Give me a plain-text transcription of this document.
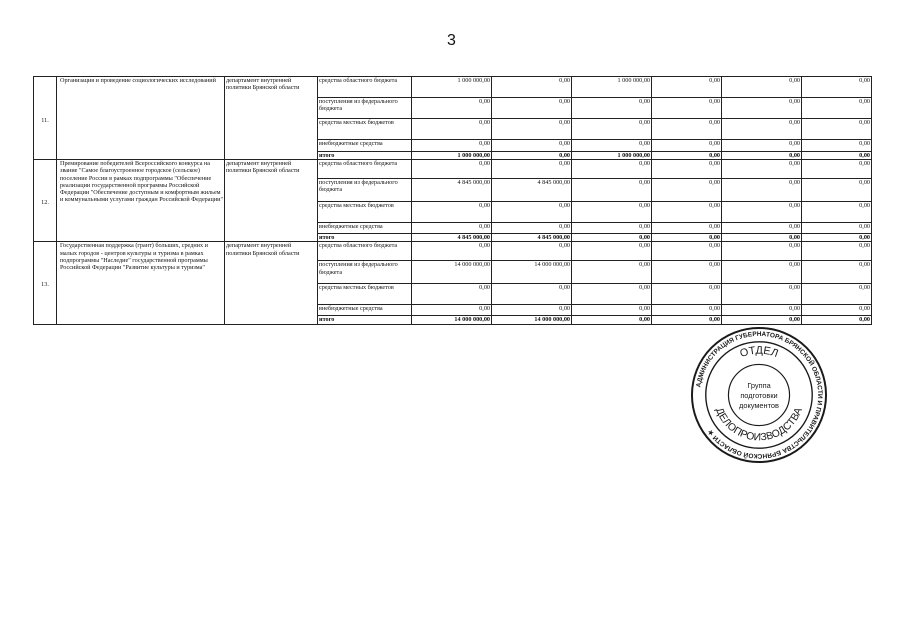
3
11.	Организация и проведение социологических исследований	департамент внутренней политики Брянской области	средства областного бюджета	1 000 000,00	0,00	1 000 000,00	0,00	0,00	0,00
			поступления из федерального бюджета	0,00	0,00	0,00	0,00	0,00	0,00
			средства местных бюджетов	0,00	0,00	0,00	0,00	0,00	0,00
			внебюджетные средства	0,00	0,00	0,00	0,00	0,00	0,00
			итого	1 000 000,00	0,00	1 000 000,00	0,00	0,00	0,00
12.	Премирование победителей Всероссийского конкурса на звание "Самое благоустроенное городское (сельское) поселение России в рамках подпрограммы "Обеспечение реализации государственной программы Российской Федерации "Обеспечение доступным и комфортным жильем и коммунальными услугами граждан Российской Федерации"	департамент внутренней политики Брянской области	средства областного бюджета	0,00	0,00	0,00	0,00	0,00	0,00
			поступления из федерального бюджета	4 845 000,00	4 845 000,00	0,00	0,00	0,00	0,00
			средства местных бюджетов	0,00	0,00	0,00	0,00	0,00	0,00
			внебюджетные средства	0,00	0,00	0,00	0,00	0,00	0,00
			итого	4 845 000,00	4 845 000,00	0,00	0,00	0,00	0,00
13.	Государственная поддержка (грант) больших, средних и малых городов - центров культуры и туризма в рамках подпрограммы "Наследие" государственной программы Российской Федерации "Развитие культуры и туризма"	департамент внутренней политики Брянской области	средства областного бюджета	0,00	0,00	0,00	0,00	0,00	0,00
			поступления из федерального бюджета	14 000 000,00	14 000 000,00	0,00	0,00	0,00	0,00
			средства местных бюджетов	0,00	0,00	0,00	0,00	0,00	0,00
			внебюджетные средства	0,00	0,00	0,00	0,00	0,00	0,00
			итого	14 000 000,00	14 000 000,00	0,00	0,00	0,00	0,00
АДМИНИСТРАЦИЯ ГУБЕРНАТОРА БРЯНСКОЙ ОБЛАСТИ И ПРАВИТЕЛЬСТВА БРЯНСКОЙ ОБЛАСТИ ★
ОТДЕЛ
ДЕЛОПРОИЗВОДСТВА
Группа
подготовки
документов
